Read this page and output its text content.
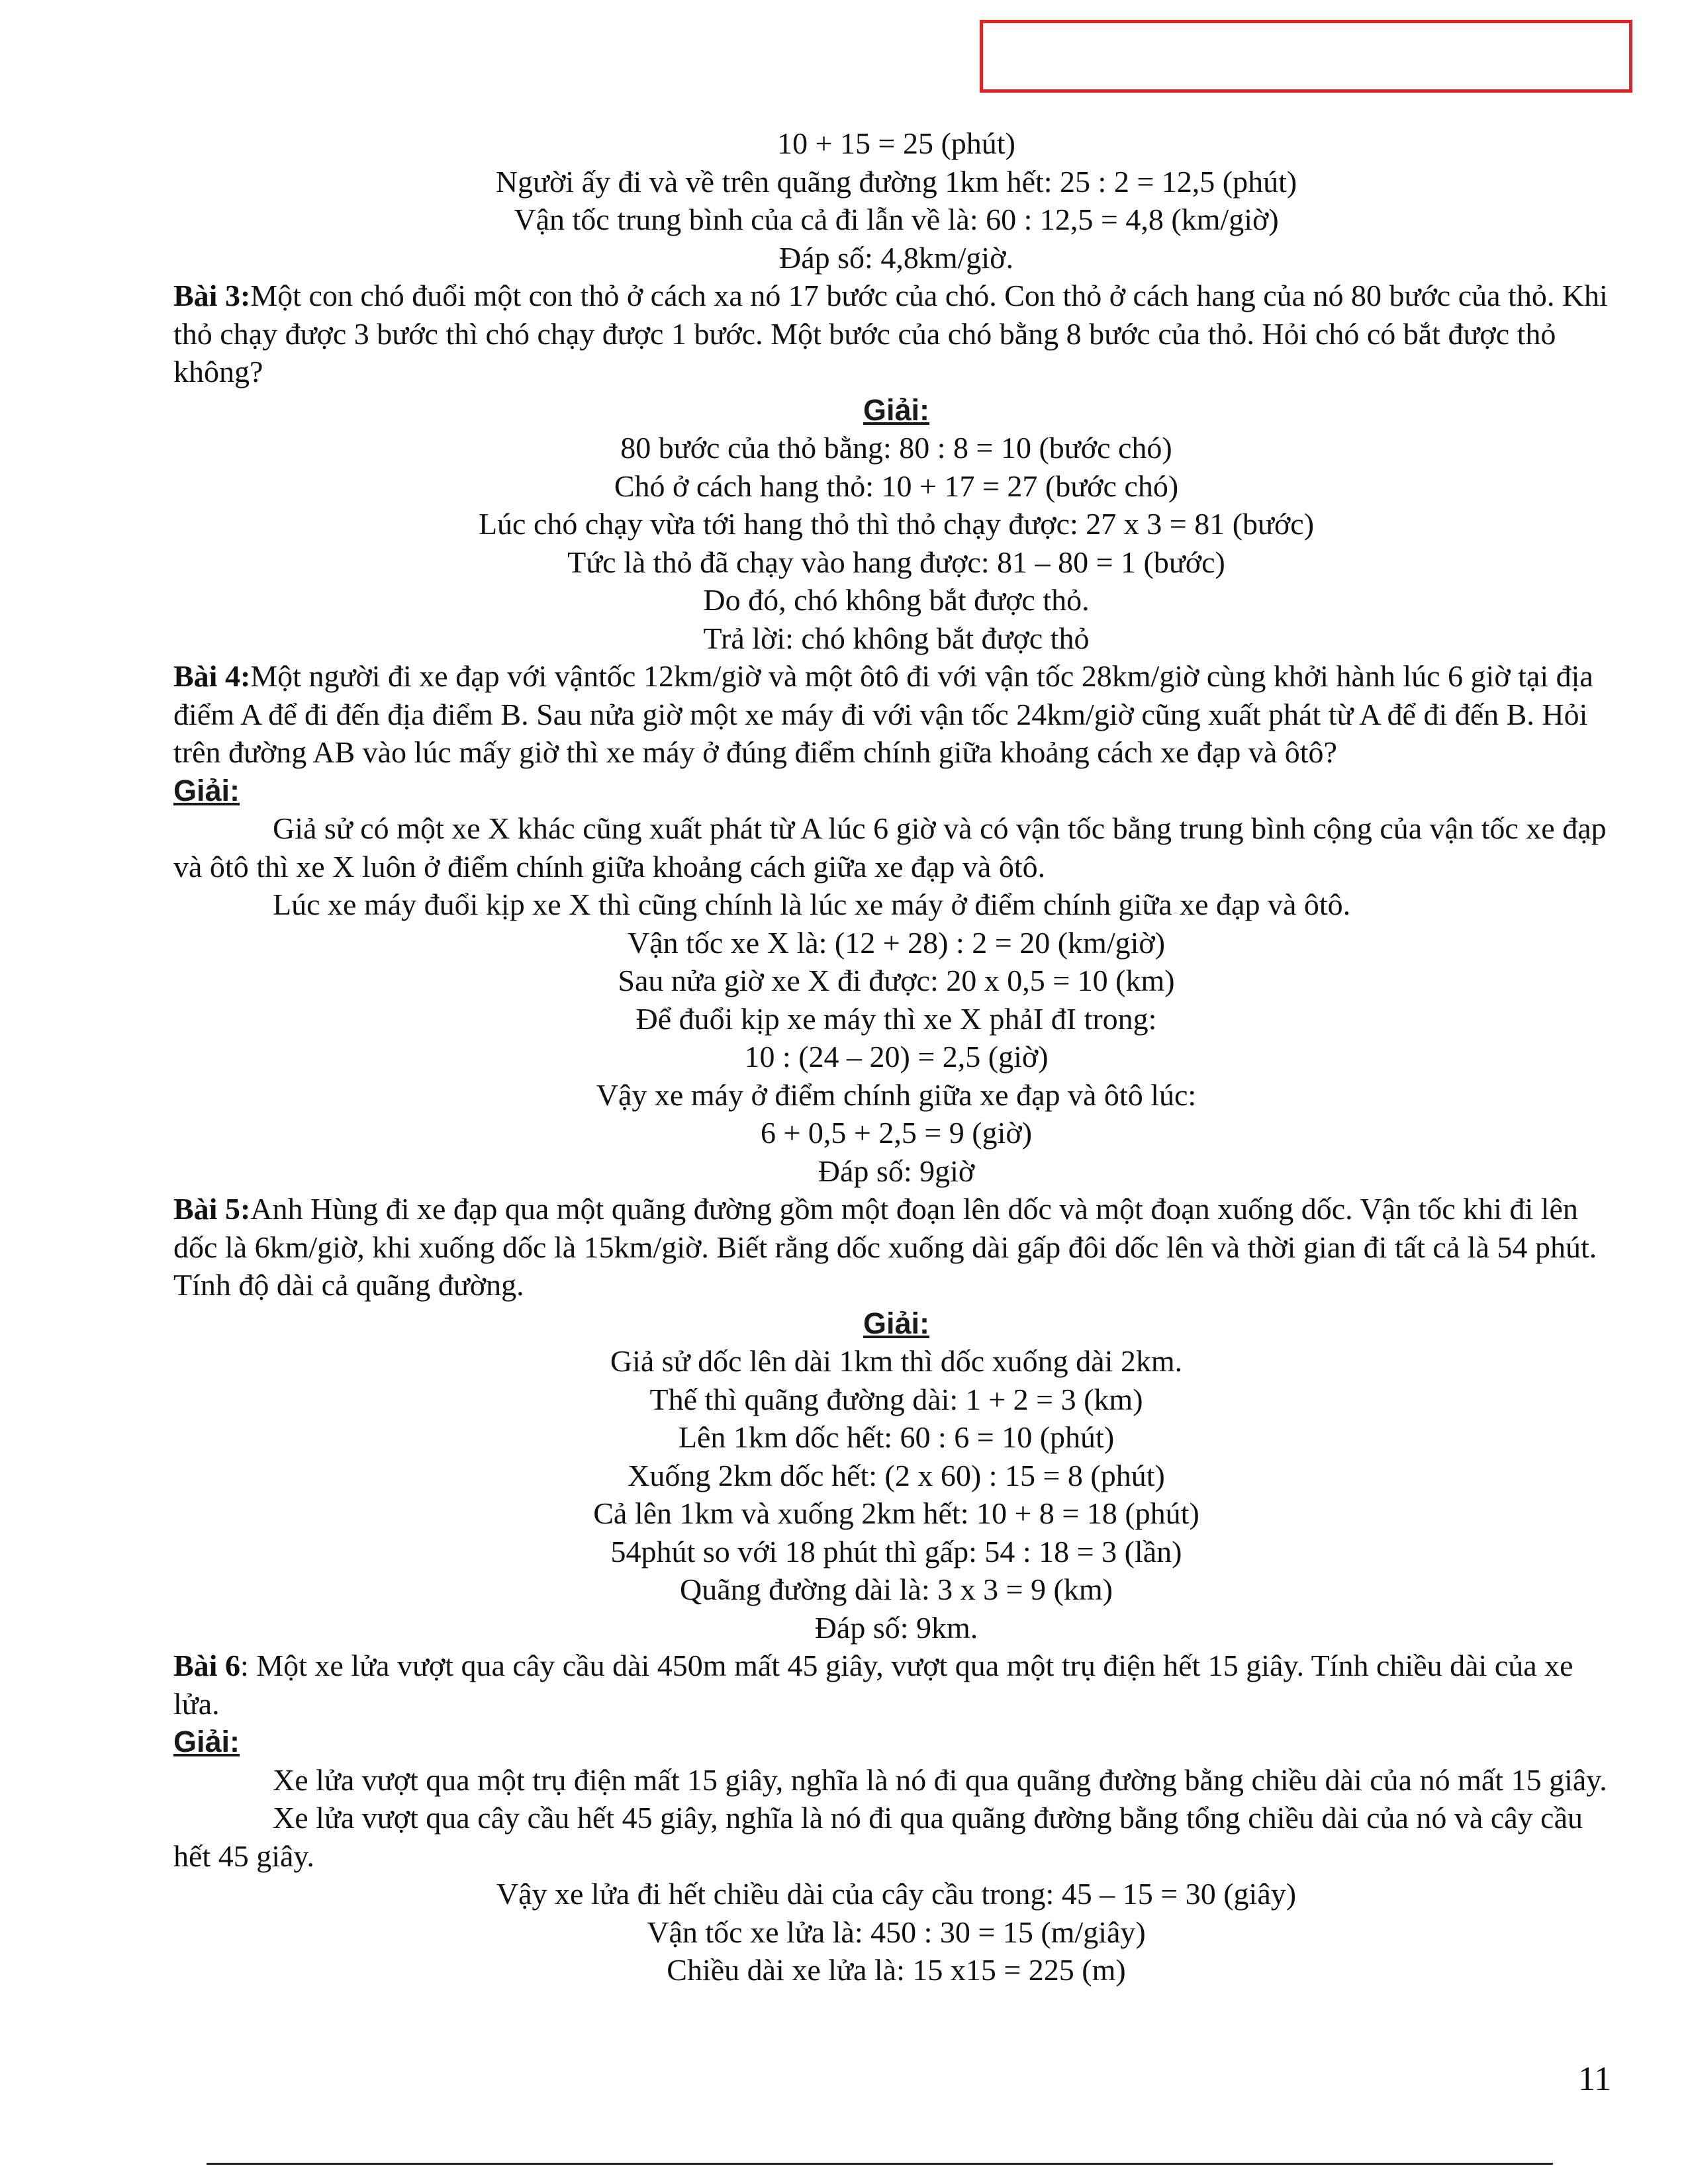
10 + 15 = 25 (phút)
Người ấy đi và về trên quãng đường 1km hết: 25 : 2 = 12,5 (phút)
Vận tốc trung bình của cả đi lẫn về là: 60 : 12,5 = 4,8 (km/giờ)
Đáp số: 4,8km/giờ.
Bài 3:Một con chó đuổi một con thỏ ở cách xa nó 17 bước của chó. Con thỏ ở cách hang của nó 80 bước của thỏ. Khi thỏ chạy được 3 bước thì chó chạy được 1 bước. Một bước của chó bằng 8 bước của thỏ. Hỏi chó có bắt được thỏ không?
Giải:
80 bước của thỏ bằng: 80 : 8 = 10 (bước chó)
Chó ở cách hang thỏ: 10 + 17 = 27 (bước chó)
Lúc chó chạy vừa tới hang thỏ thì thỏ chạy được: 27 x 3 = 81 (bước)
Tức là thỏ đã chạy vào hang được: 81 – 80 = 1 (bước)
Do đó, chó không bắt được thỏ.
Trả lời: chó không bắt được thỏ
Bài 4:Một người đi xe đạp với vậntốc 12km/giờ và một ôtô đi với vận tốc 28km/giờ cùng khởi hành lúc 6 giờ tại địa điểm A để đi đến địa điểm B. Sau nửa giờ một xe máy đi với vận tốc 24km/giờ cũng xuất phát từ A để đi đến B. Hỏi trên đường AB vào lúc mấy giờ thì xe máy ở đúng điểm chính giữa khoảng cách xe đạp và ôtô?
Giải:
Giả sử có một xe X khác cũng xuất phát từ A lúc 6 giờ và có vận tốc bằng trung bình cộng của vận tốc xe đạp và ôtô thì xe X luôn ở điểm chính giữa khoảng cách giữa xe đạp và ôtô.
Lúc xe máy đuổi kịp xe X thì cũng chính là lúc xe máy ở điểm chính giữa xe đạp và ôtô.
Vận tốc xe X là: (12 + 28) : 2 = 20 (km/giờ)
Sau nửa giờ xe X đi được: 20 x 0,5 = 10 (km)
Để đuổi kịp xe máy thì xe X phảI đI trong:
10 : (24 – 20) = 2,5 (giờ)
Vậy xe máy ở điểm chính giữa xe đạp và ôtô lúc:
6 + 0,5 + 2,5 = 9 (giờ)
Đáp số: 9giờ
Bài 5:Anh Hùng đi xe đạp qua một quãng đường gồm một đoạn lên dốc và một đoạn xuống dốc. Vận tốc khi đi lên dốc là 6km/giờ, khi xuống dốc là 15km/giờ. Biết rằng dốc xuống dài gấp đôi dốc lên và thời gian đi tất cả là 54 phút. Tính độ dài cả quãng đường.
Giải:
Giả sử dốc lên dài 1km thì dốc xuống dài 2km.
Thế thì quãng đường dài: 1 + 2 = 3 (km)
Lên 1km dốc hết: 60 : 6 = 10 (phút)
Xuống 2km dốc hết: (2 x 60) : 15 = 8 (phút)
Cả lên 1km và xuống 2km hết: 10 + 8 = 18 (phút)
54phút so với 18 phút thì gấp: 54 : 18 = 3 (lần)
Quãng đường dài là: 3 x 3 = 9 (km)
Đáp số: 9km.
Bài 6: Một xe lửa vượt qua cây cầu dài 450m mất 45 giây, vượt qua một trụ điện hết 15 giây. Tính chiều dài của xe lửa.
Giải:
Xe lửa vượt qua một trụ điện mất 15 giây, nghĩa là nó đi qua quãng đường bằng chiều dài của nó mất 15 giây.
Xe lửa vượt qua cây cầu hết 45 giây, nghĩa là nó đi qua quãng đường bằng tổng chiều dài của nó và cây cầu hết 45 giây.
Vậy xe lửa đi hết chiều dài của cây cầu trong: 45 – 15 = 30 (giây)
Vận tốc xe lửa là: 450 : 30 = 15 (m/giây)
Chiều dài xe lửa là: 15 x15 = 225 (m)
11
